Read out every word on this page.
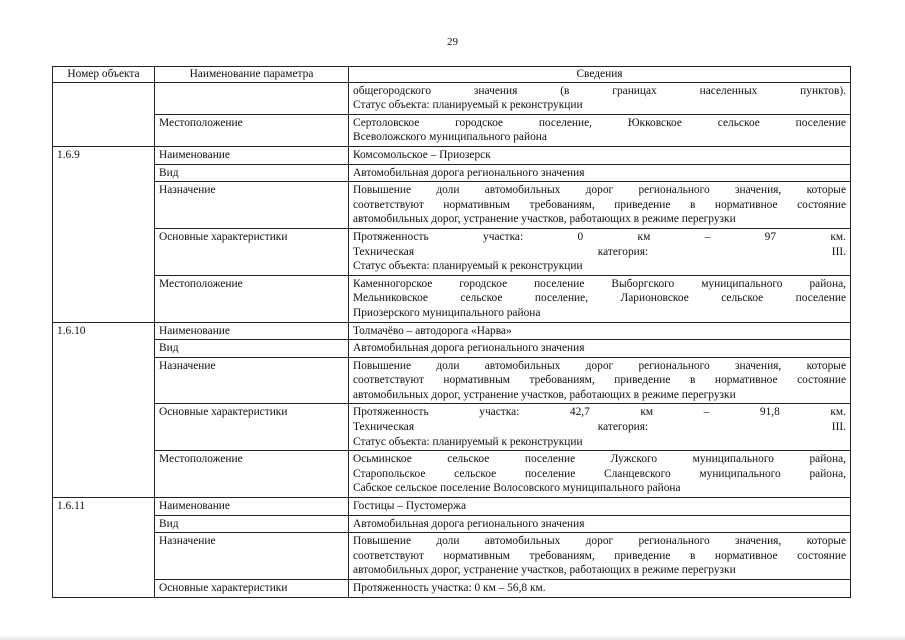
29
Номер объекта	Наименование параметра	Сведения

		общегородского значения (в границах населенных пунктов).
Статус объекта: планируемый к реконструкции

	Местоположение	Сертоловское городское поселение, Юкковское сельское поселение
Всеволожского муниципального района

1.6.9	Наименование	Комсомольское – Приозерск

	Вид	Автомобильная дорога регионального значения

	Назначение	Повышение доли автомобильных дорог регионального значения, которые
соответствуют нормативным требованиям, приведение в нормативное состояние
автомобильных дорог, устранение участков, работающих в режиме перегрузки

	Основные характеристики	Протяженность участка: 0 км – 97 км.
Техническая категория: III.
Статус объекта: планируемый к реконструкции

	Местоположение	Каменногорское городское поселение Выборгского муниципального района,
Мельниковское сельское поселение, Ларионовское сельское поселение
Приозерского муниципального района

1.6.10	Наименование	Толмачёво – автодорога «Нарва»

	Вид	Автомобильная дорога регионального значения

	Назначение	Повышение доли автомобильных дорог регионального значения, которые
соответствуют нормативным требованиям, приведение в нормативное состояние
автомобильных дорог, устранение участков, работающих в режиме перегрузки

	Основные характеристики	Протяженность участка: 42,7 км – 91,8 км.
Техническая категория: III.
Статус объекта: планируемый к реконструкции

	Местоположение	Осьминское сельское поселение Лужского муниципального района,
Старопольское сельское поселение Сланцевского муниципального района,
Сабское сельское поселение Волосовского муниципального района

1.6.11	Наименование	Гостицы – Пустомержа

	Вид	Автомобильная дорога регионального значения

	Назначение	Повышение доли автомобильных дорог регионального значения, которые
соответствуют нормативным требованиям, приведение в нормативное состояние
автомобильных дорог, устранение участков, работающих в режиме перегрузки

	Основные характеристики	Протяженность участка: 0 км – 56,8 км.
